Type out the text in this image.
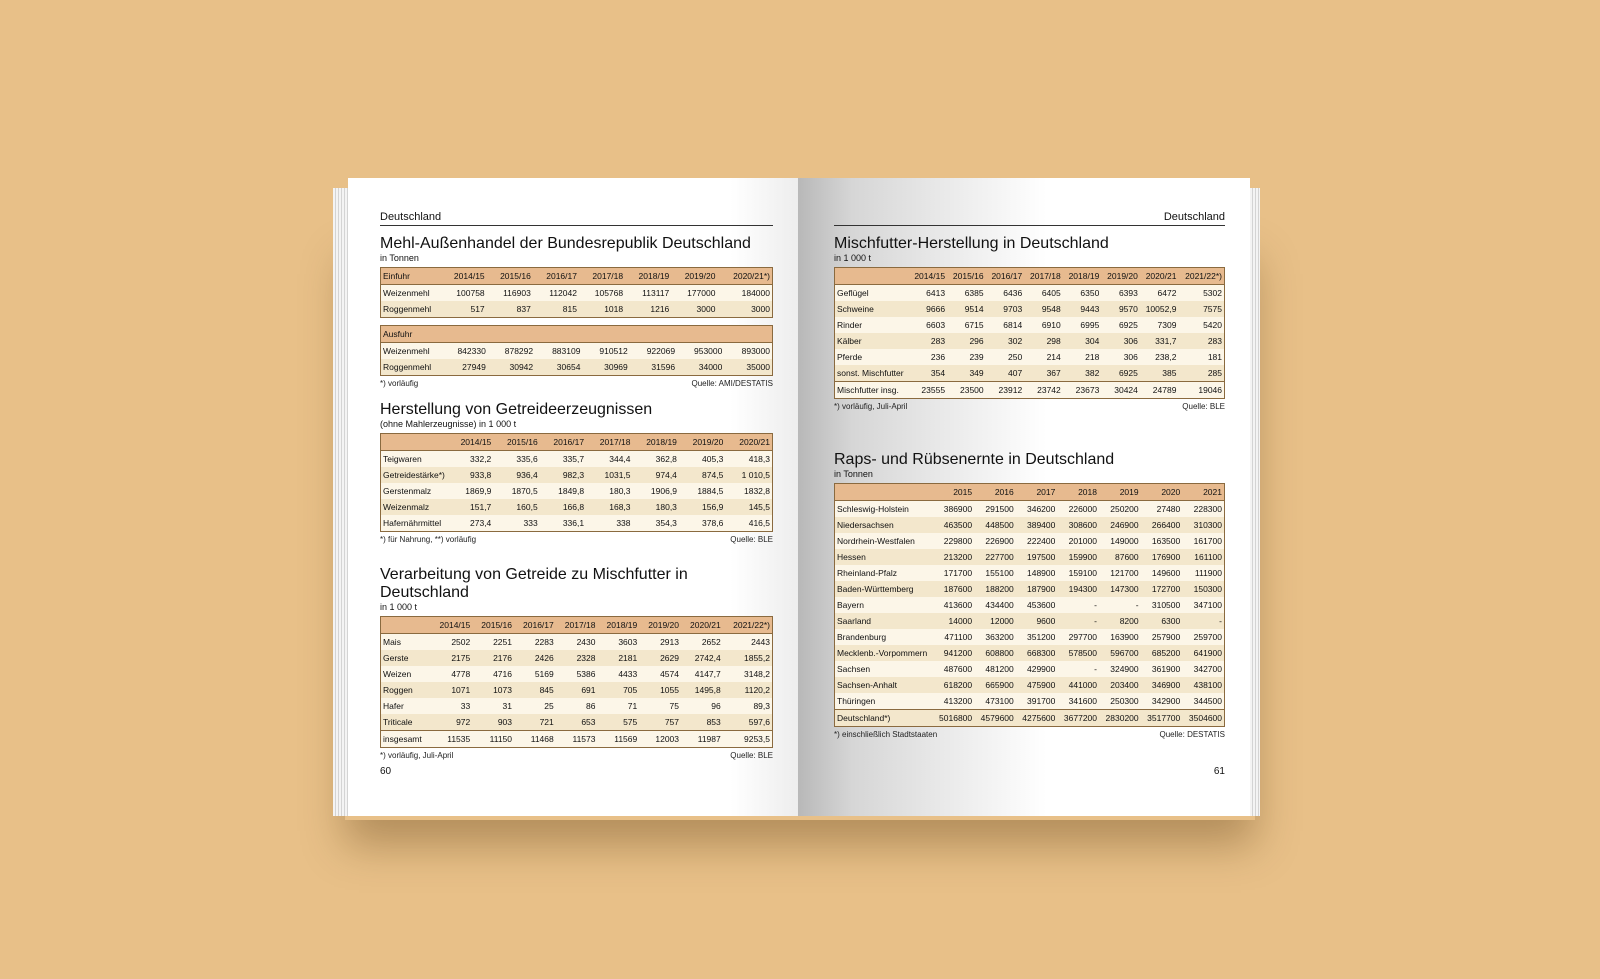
Deutschland
Mehl-Außenhandel der Bundesrepublik Deutschland
in Tonnen
Einfuhr	2014/15	2015/16	2016/17	2017/18	2018/19	2019/20	2020/21*)
Weizenmehl	100758	116903	112042	105768	113117	177000	184000
Roggenmehl	517	837	815	1018	1216	3000	3000
Ausfuhr							
Weizenmehl	842330	878292	883109	910512	922069	953000	893000
Roggenmehl	27949	30942	30654	30969	31596	34000	35000
*) vorläufig	Quelle: AMI/DESTATIS
Herstellung von Getreideerzeugnissen
(ohne Mahlerzeugnisse) in 1 000 t
	2014/15	2015/16	2016/17	2017/18	2018/19	2019/20	2020/21
Teigwaren	332,2	335,6	335,7	344,4	362,8	405,3	418,3
Getreidestärke*)	933,8	936,4	982,3	1031,5	974,4	874,5	1 010,5
Gerstenmalz	1869,9	1870,5	1849,8	180,3	1906,9	1884,5	1832,8
Weizenmalz	151,7	160,5	166,8	168,3	180,3	156,9	145,5
Hafernährmittel	273,4	333	336,1	338	354,3	378,6	416,5
*) für Nahrung, **) vorläufig	Quelle: BLE
Verarbeitung von Getreide zu Mischfutter in Deutschland
in 1 000 t
	2014/15	2015/16	2016/17	2017/18	2018/19	2019/20	2020/21	2021/22*)
Mais	2502	2251	2283	2430	3603	2913	2652	2443
Gerste	2175	2176	2426	2328	2181	2629	2742,4	1855,2
Weizen	4778	4716	5169	5386	4433	4574	4147,7	3148,2
Roggen	1071	1073	845	691	705	1055	1495,8	1120,2
Hafer	33	31	25	86	71	75	96	89,3
Triticale	972	903	721	653	575	757	853	597,6
insgesamt	11535	11150	11468	11573	11569	12003	11987	9253,5
*) vorläufig, Juli-April	Quelle: BLE
60
Deutschland
Mischfutter-Herstellung in Deutschland
in 1 000 t
	2014/15	2015/16	2016/17	2017/18	2018/19	2019/20	2020/21	2021/22*)
Geflügel	6413	6385	6436	6405	6350	6393	6472	5302
Schweine	9666	9514	9703	9548	9443	9570	10052,9	7575
Rinder	6603	6715	6814	6910	6995	6925	7309	5420
Kälber	283	296	302	298	304	306	331,7	283
Pferde	236	239	250	214	218	306	238,2	181
sonst. Mischfutter	354	349	407	367	382	6925	385	285
Mischfutter insg.	23555	23500	23912	23742	23673	30424	24789	19046
*) vorläufig, Juli-April	Quelle: BLE
Raps- und Rübsenernte in Deutschland
in Tonnen
	2015	2016	2017	2018	2019	2020	2021
Schleswig-Holstein	386900	291500	346200	226000	250200	27480	228300
Niedersachsen	463500	448500	389400	308600	246900	266400	310300
Nordrhein-Westfalen	229800	226900	222400	201000	149000	163500	161700
Hessen	213200	227700	197500	159900	87600	176900	161100
Rheinland-Pfalz	171700	155100	148900	159100	121700	149600	111900
Baden-Württemberg	187600	188200	187900	194300	147300	172700	150300
Bayern	413600	434400	453600	-	-	310500	347100
Saarland	14000	12000	9600	-	8200	6300	-
Brandenburg	471100	363200	351200	297700	163900	257900	259700
Mecklenb.-Vorpommern	941200	608800	668300	578500	596700	685200	641900
Sachsen	487600	481200	429900	-	324900	361900	342700
Sachsen-Anhalt	618200	665900	475900	441000	203400	346900	438100
Thüringen	413200	473100	391700	341600	250300	342900	344500
Deutschland*)	5016800	4579600	4275600	3677200	2830200	3517700	3504600
*) einschließlich Stadtstaaten	Quelle: DESTATIS
61
